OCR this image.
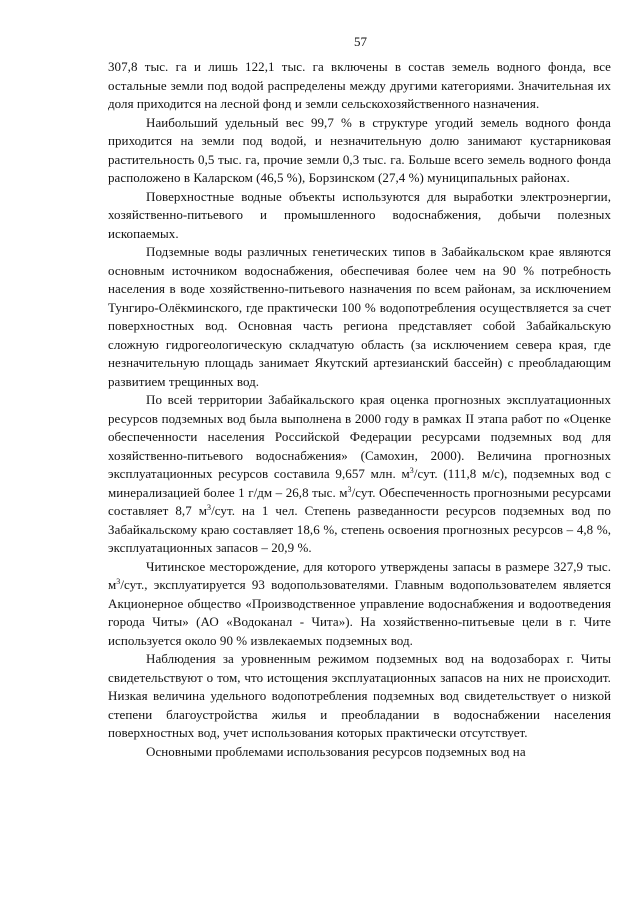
57

307,8 тыс. га и лишь 122,1 тыс. га включены в состав земель водного фонда, все остальные земли под водой распределены между другими категориями. Значительная их доля приходится на лесной фонд и земли сельскохозяйственного назначения.

Наибольший удельный вес 99,7 % в структуре угодий земель водного фонда приходится на земли под водой, и незначительную долю занимают кустарниковая растительность 0,5 тыс. га, прочие земли 0,3 тыс. га. Больше всего земель водного фонда расположено в Каларском (46,5 %), Борзинском (27,4 %) муниципальных районах.

Поверхностные водные объекты используются для выработки электроэнергии, хозяйственно-питьевого и промышленного водоснабжения, добычи полезных ископаемых.

Подземные воды различных генетических типов в Забайкальском крае являются основным источником водоснабжения, обеспечивая более чем на 90 % потребность населения в воде хозяйственно-питьевого назначения по всем районам, за исключением Тунгиро-Олёкминского, где практически 100 % водопотребления осуществляется за счет поверхностных вод. Основная часть региона представляет собой Забайкальскую сложную гидрогеологическую складчатую область (за исключением севера края, где незначительную площадь занимает Якутский артезианский бассейн) с преобладающим развитием трещинных вод.

По всей территории Забайкальского края оценка прогнозных эксплуатационных ресурсов подземных вод была выполнена в 2000 году в рамках II этапа работ по «Оценке обеспеченности населения Российской Федерации ресурсами подземных вод для хозяйственно-питьевого водоснабжения» (Самохин, 2000). Величина прогнозных эксплуатационных ресурсов составила 9,657 млн. $м^3$/сут. (111,8 м/с), подземных вод с минерализацией более 1 г/дм – 26,8 тыс. $м^3$/сут. Обеспеченность прогнозными ресурсами составляет 8,7 $м^3$/сут. на 1 чел. Степень разведанности ресурсов подземных вод по Забайкальскому краю составляет 18,6 %, степень освоения прогнозных ресурсов – 4,8 %, эксплуатационных запасов – 20,9 %.

Читинское месторождение, для которого утверждены запасы в размере 327,9 тыс. $м^3$/сут., эксплуатируется 93 водопользователями. Главным водопользователем является Акционерное общество «Производственное управление водоснабжения и водоотведения города Читы» (АО «Водоканал - Чита»). На хозяйственно-питьевые цели в г. Чите используется около 90 % извлекаемых подземных вод.

Наблюдения за уровненным режимом подземных вод на водозаборах г. Читы свидетельствуют о том, что истощения эксплуатационных запасов на них не происходит. Низкая величина удельного водопотребления подземных вод свидетельствует о низкой степени благоустройства жилья и преобладании в водоснабжении населения поверхностных вод, учет использования которых практически отсутствует.

Основными проблемами использования ресурсов подземных вод на
